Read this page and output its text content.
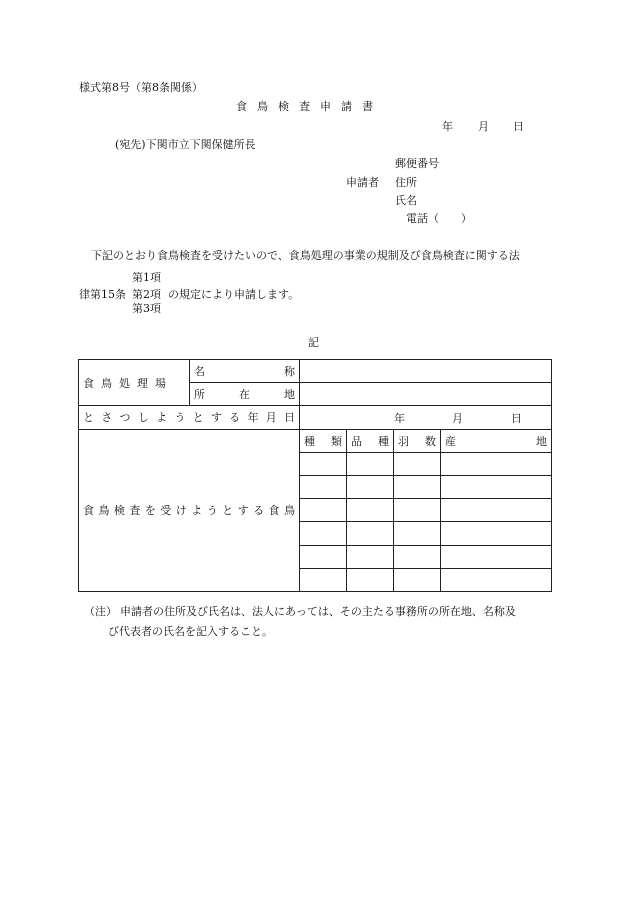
様式第8号（第8条関係）
食鳥検査申請書
年 月 日
(宛先)下関市立下関保健所長
郵便番号
申請者 住所
氏名
電話（　　）
下記のとおり食鳥検査を受けたいので、食鳥処理の事業の規制及び食鳥検査に関する法
第1項
律第15条 第2項 の規定により申請します。
第3項
記
食鳥処理場	名称				
	所在地				
とさつしようとする年月日		年 月 日			

食鳥検査を受けようとする食鳥		種類	品種	羽数	産地

（注） 申請者の住所及び氏名は、法人にあっては、その主たる事務所の所在地、名称及
び代表者の氏名を記入すること。
